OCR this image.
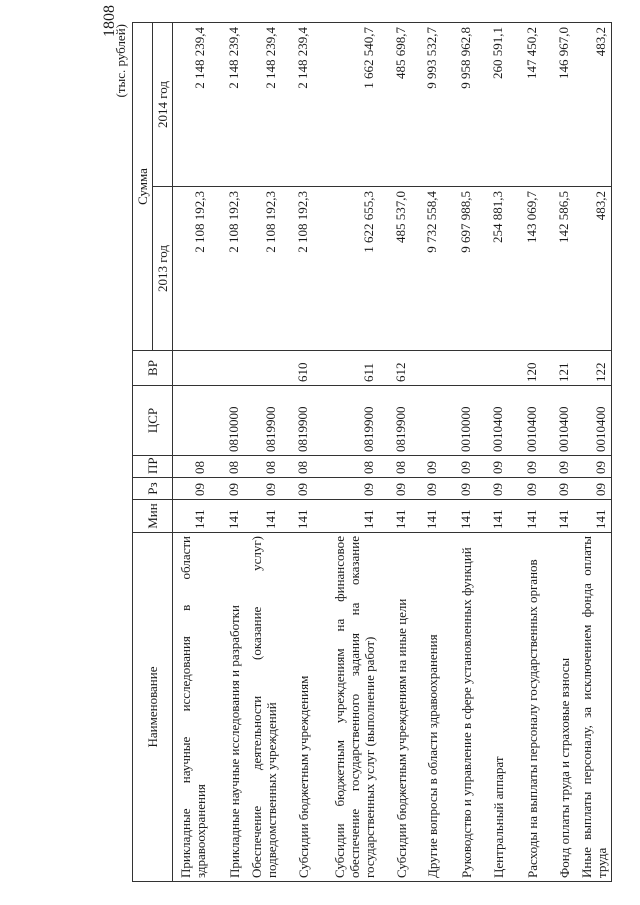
1808
(тыс. рублей)
Наименование	Мин	Рз	ПР	ЦСР	ВР	Сумма	
						2013 год	2014 год
Прикладные научные исследования в области здравоохранения	141	09	08			2 108 192,3	2 148 239,4
Прикладные научные исследования и разработки	141	09	08	0810000		2 108 192,3	2 148 239,4
Обеспечение деятельности (оказание услуг) подведомственных учреждений	141	09	08	0819900		2 108 192,3	2 148 239,4
Субсидии бюджетным учреждениям	141	09	08	0819900	610	2 108 192,3	2 148 239,4
Субсидии бюджетным учреждениям на финансовое обеспечение государственного задания на оказание государственных услуг (выполнение работ)	141	09	08	0819900	611	1 622 655,3	1 662 540,7
Субсидии бюджетным учреждениям на иные цели	141	09	08	0819900	612	485 537,0	485 698,7
Другие вопросы в области здравоохранения	141	09	09			9 732 558,4	9 993 532,7
Руководство и управление в сфере установленных функций	141	09	09	0010000		9 697 988,5	9 958 962,8
Центральный аппарат	141	09	09	0010400		254 881,3	260 591,1
Расходы на выплаты персоналу государственных органов	141	09	09	0010400	120	143 069,7	147 450,2
Фонд оплаты труда и страховые взносы	141	09	09	0010400	121	142 586,5	146 967,0
Иные выплаты персоналу, за исключением фонда оплаты труда	141	09	09	0010400	122	483,2	483,2
